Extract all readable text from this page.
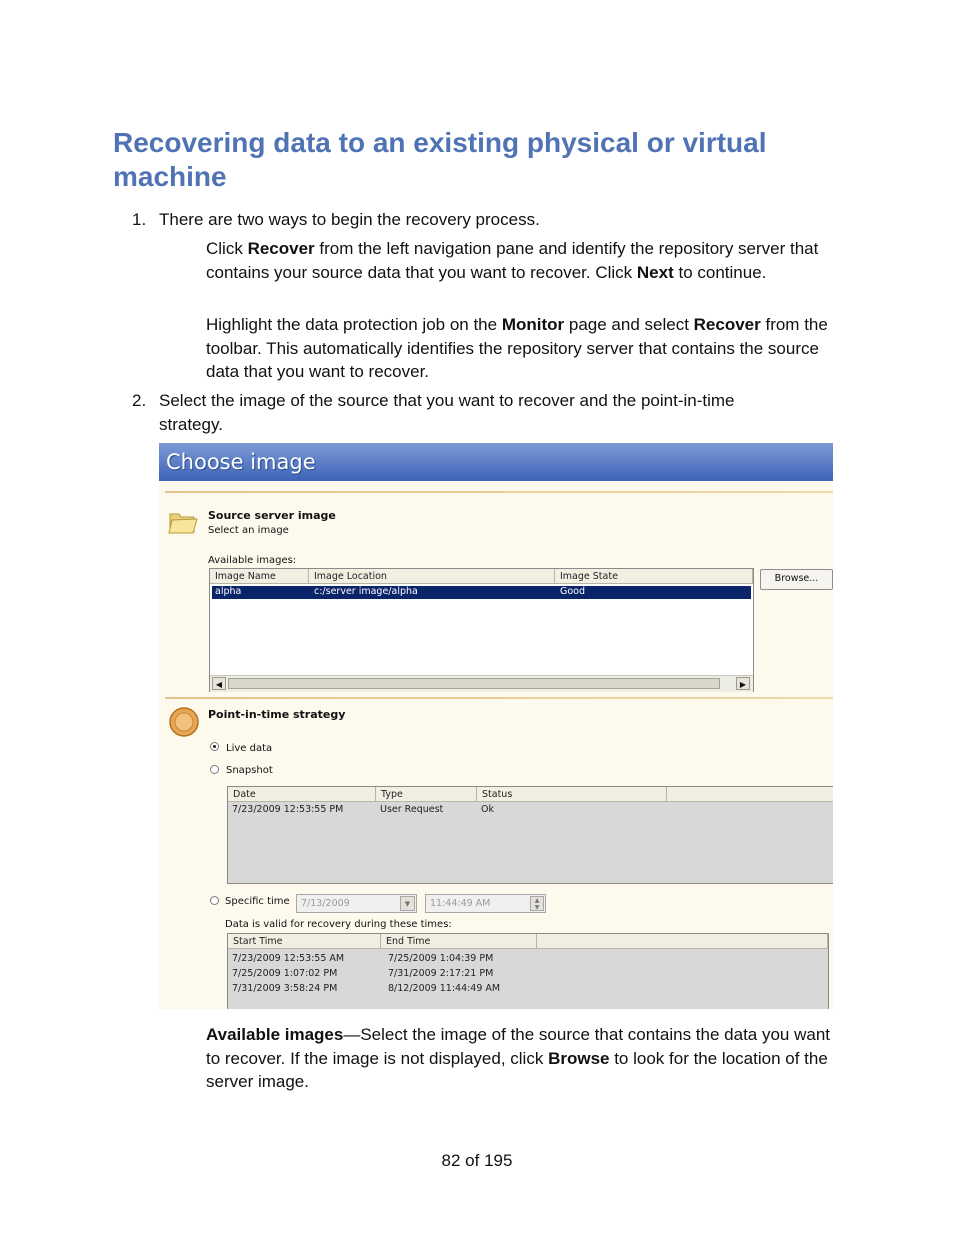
Recovering data to an existing physical or virtual machine
1. There are two ways to begin the recovery process.

Click Recover from the left navigation pane and identify the repository server that contains your source data that you want to recover. Click Next to continue.

Highlight the data protection job on the Monitor page and select Recover from the toolbar. This automatically identifies the repository server that contains the source data that you want to recover.

2. Select the image of the source that you want to recover and the point-in-time strategy.

Choose image
Source server image
Select an image
Available images:
Image Name	Image Location	Image State
alpha	c:/server image/alpha	Good
◀	▶
Browse...
Point-in-time strategy
Live data
Snapshot
Date	Type	Status
7/23/2009 12:53:55 PM	User Request	Ok
Specific time	7/13/2009	▼	11:44:49 AM	▲
▼
Data is valid for recovery during these times:
Start Time	End Time
7/23/2009 12:53:55 AM	7/25/2009 1:04:39 PM
7/25/2009 1:07:02 PM	7/31/2009 2:17:21 PM
7/31/2009 3:58:24 PM	8/12/2009 11:44:49 AM

Available images—Select the image of the source that contains the data you want to recover. If the image is not displayed, click Browse to look for the location of the server image.

82 of 195
